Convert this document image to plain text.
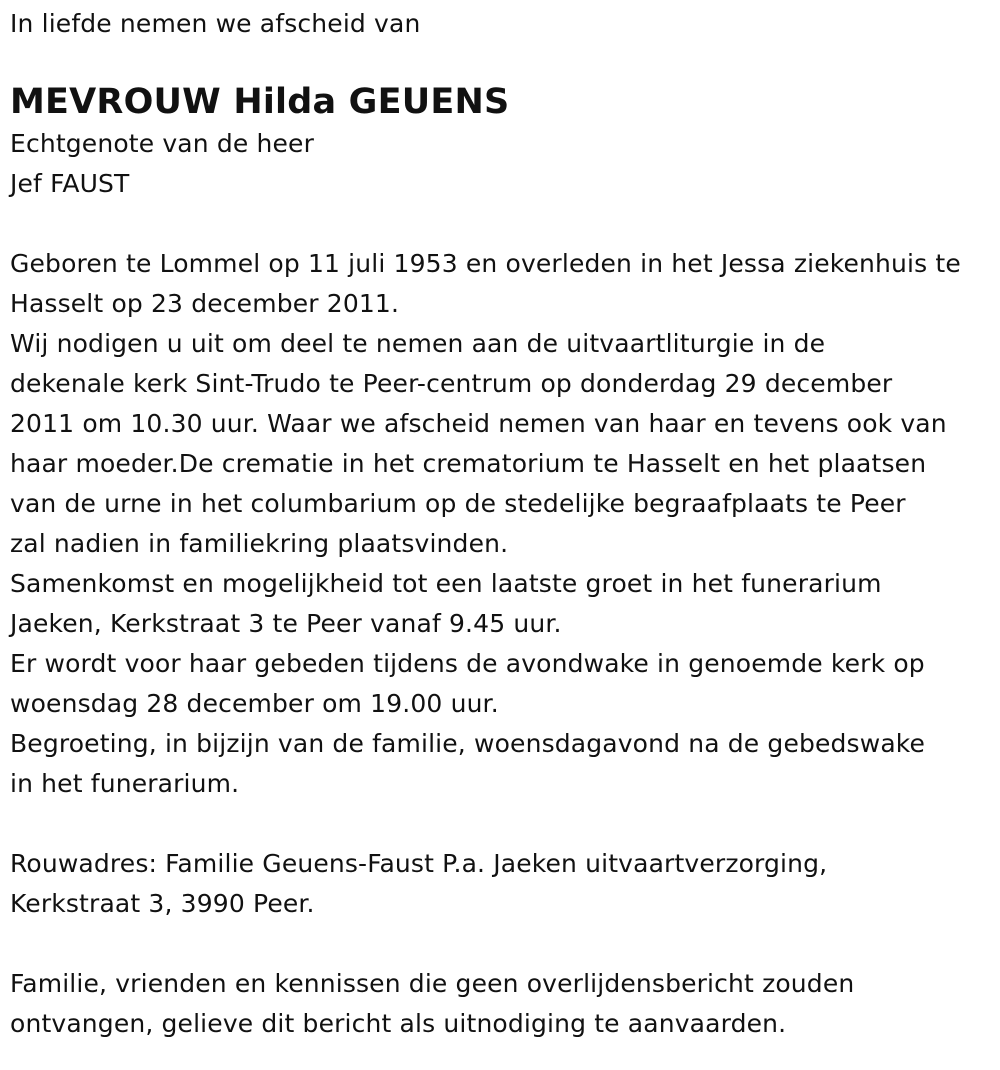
In liefde nemen we afscheid van
MEVROUW Hilda GEUENS
Echtgenote van de heer
Jef FAUST
Geboren te Lommel op 11 juli 1953 en overleden in het Jessa ziekenhuis te
Hasselt op 23 december 2011.
Wij nodigen u uit om deel te nemen aan de uitvaartliturgie in de
dekenale kerk Sint-Trudo te Peer-centrum op donderdag 29 december
2011 om 10.30 uur. Waar we afscheid nemen van haar en tevens ook van
haar moeder.De crematie in het crematorium te Hasselt en het plaatsen
van de urne in het columbarium op de stedelijke begraafplaats te Peer
zal nadien in familiekring plaatsvinden.
Samenkomst en mogelijkheid tot een laatste groet in het funerarium
Jaeken, Kerkstraat 3 te Peer vanaf 9.45 uur.
Er wordt voor haar gebeden tijdens de avondwake in genoemde kerk op
woensdag 28 december om 19.00 uur.
Begroeting, in bijzijn van de familie, woensdagavond na de gebedswake
in het funerarium.
Rouwadres: Familie Geuens-Faust P.a. Jaeken uitvaartverzorging,
Kerkstraat 3, 3990 Peer.
Familie, vrienden en kennissen die geen overlijdensbericht zouden
ontvangen, gelieve dit bericht als uitnodiging te aanvaarden.
